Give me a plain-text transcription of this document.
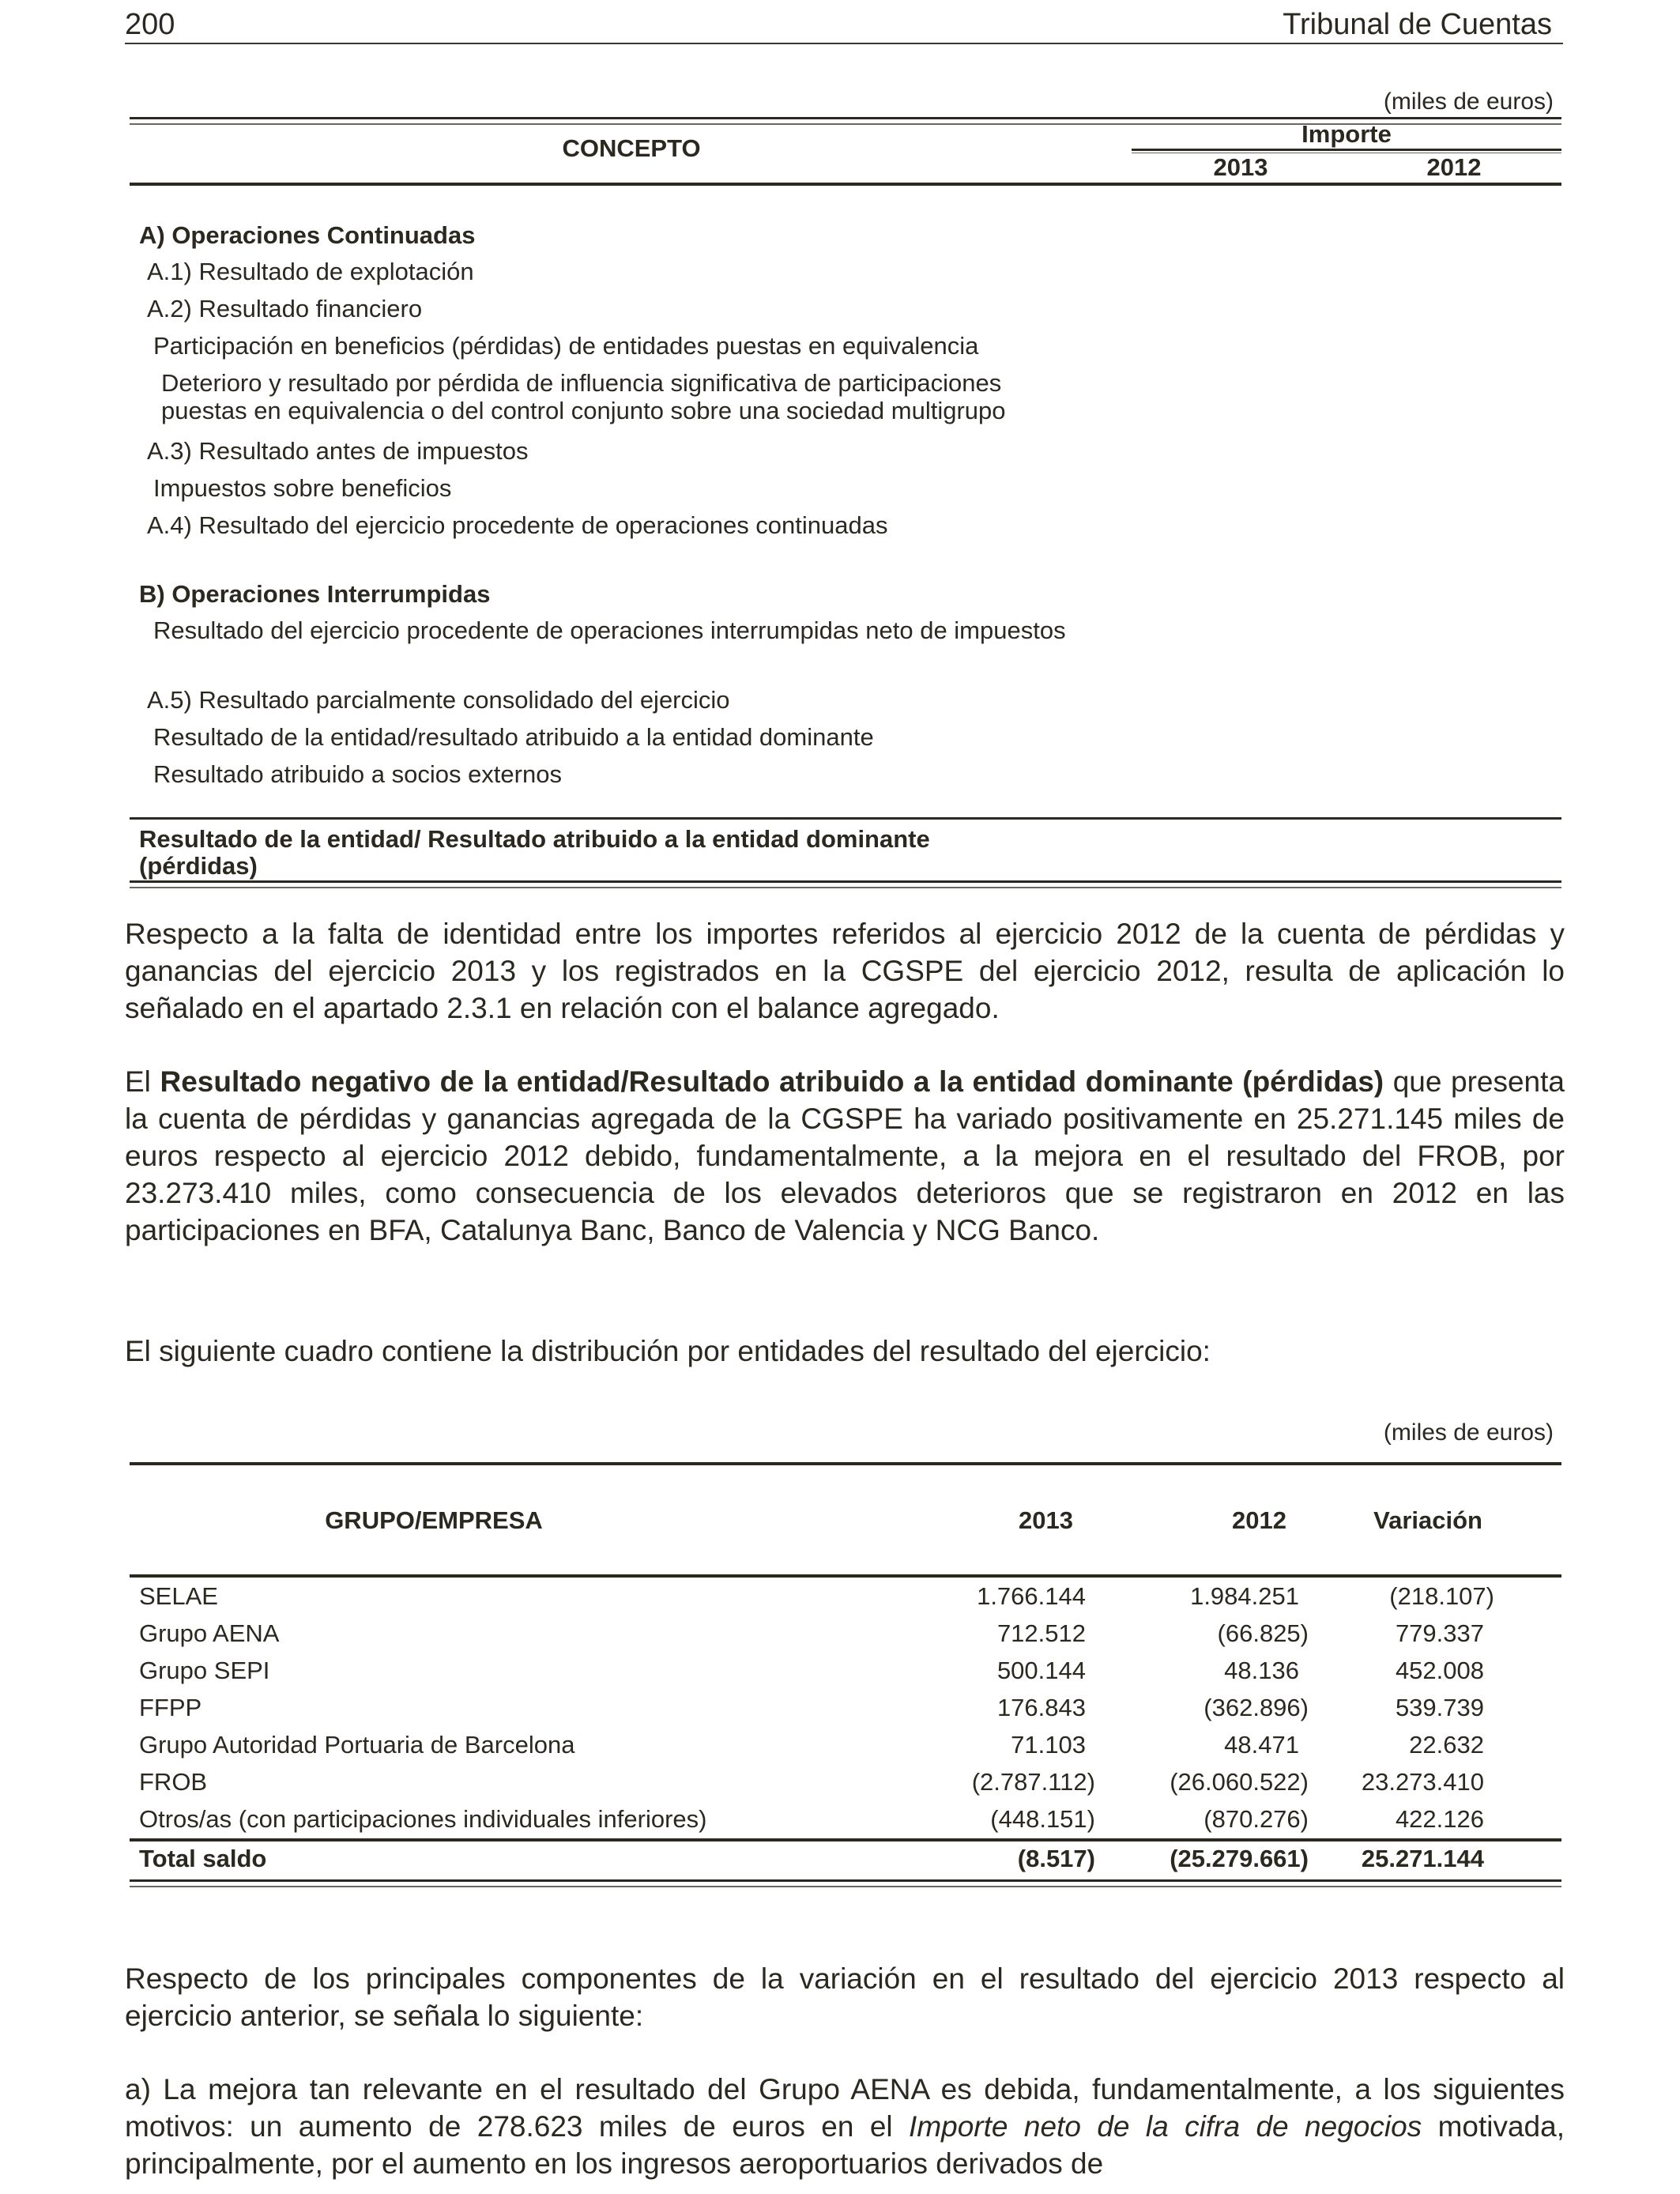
200	Tribunal de Cuentas
(miles de euros)
CONCEPTO
Importe
2013	2012
A) Operaciones Continuadas
A.1) Resultado de explotación
A.2) Resultado financiero
Participación en beneficios (pérdidas) de entidades puestas en equivalencia
Deterioro y resultado por pérdida de influencia significativa de participaciones
puestas en equivalencia o del control conjunto sobre una sociedad multigrupo
A.3) Resultado antes de impuestos
Impuestos sobre beneficios
A.4) Resultado del ejercicio procedente de operaciones continuadas
B) Operaciones Interrumpidas
Resultado del ejercicio procedente de operaciones interrumpidas neto de impuestos
A.5) Resultado parcialmente consolidado del ejercicio
Resultado de la entidad/resultado atribuido a la entidad dominante
Resultado atribuido a socios externos
Resultado de la entidad/ Resultado atribuido a la entidad dominante
(pérdidas)

Respecto a la falta de identidad entre los importes referidos al ejercicio 2012 de la cuenta de pérdidas y ganancias del ejercicio 2013 y los registrados en la CGSPE del ejercicio 2012, resulta de aplicación lo señalado en el apartado 2.3.1 en relación con el balance agregado.

El Resultado negativo de la entidad/Resultado atribuido a la entidad dominante (pérdidas) que presenta la cuenta de pérdidas y ganancias agregada de la CGSPE ha variado positivamente en 25.271.145 miles de euros respecto al ejercicio 2012 debido, fundamentalmente, a la mejora en el resultado del FROB, por 23.273.410 miles, como consecuencia de los elevados deterioros que se registraron en 2012 en las participaciones en BFA, Catalunya Banc, Banco de Valencia y NCG Banco.

El siguiente cuadro contiene la distribución por entidades del resultado del ejercicio:

(miles de euros)
GRUPO/EMPRESA	2013	2012	Variación
SELAE	1.766.144	1.984.251	(218.107)
Grupo AENA	712.512	(66.825)	779.337
Grupo SEPI	500.144	48.136	452.008
FFPP	176.843	(362.896)	539.739
Grupo Autoridad Portuaria de Barcelona	71.103	48.471	22.632
FROB	(2.787.112)	(26.060.522) 23.273.410
Otros/as (con participaciones individuales inferiores)	(448.151)	(870.276)	422.126
Total saldo	(8.517)	(25.279.661) 25.271.144

Respecto de los principales componentes de la variación en el resultado del ejercicio 2013 respecto al ejercicio anterior, se señala lo siguiente:

a) La mejora tan relevante en el resultado del Grupo AENA es debida, fundamentalmente, a los siguientes motivos: un aumento de 278.623 miles de euros en el Importe neto de la cifra de negocios motivada, principalmente, por el aumento en los ingresos aeroportuarios derivados de
